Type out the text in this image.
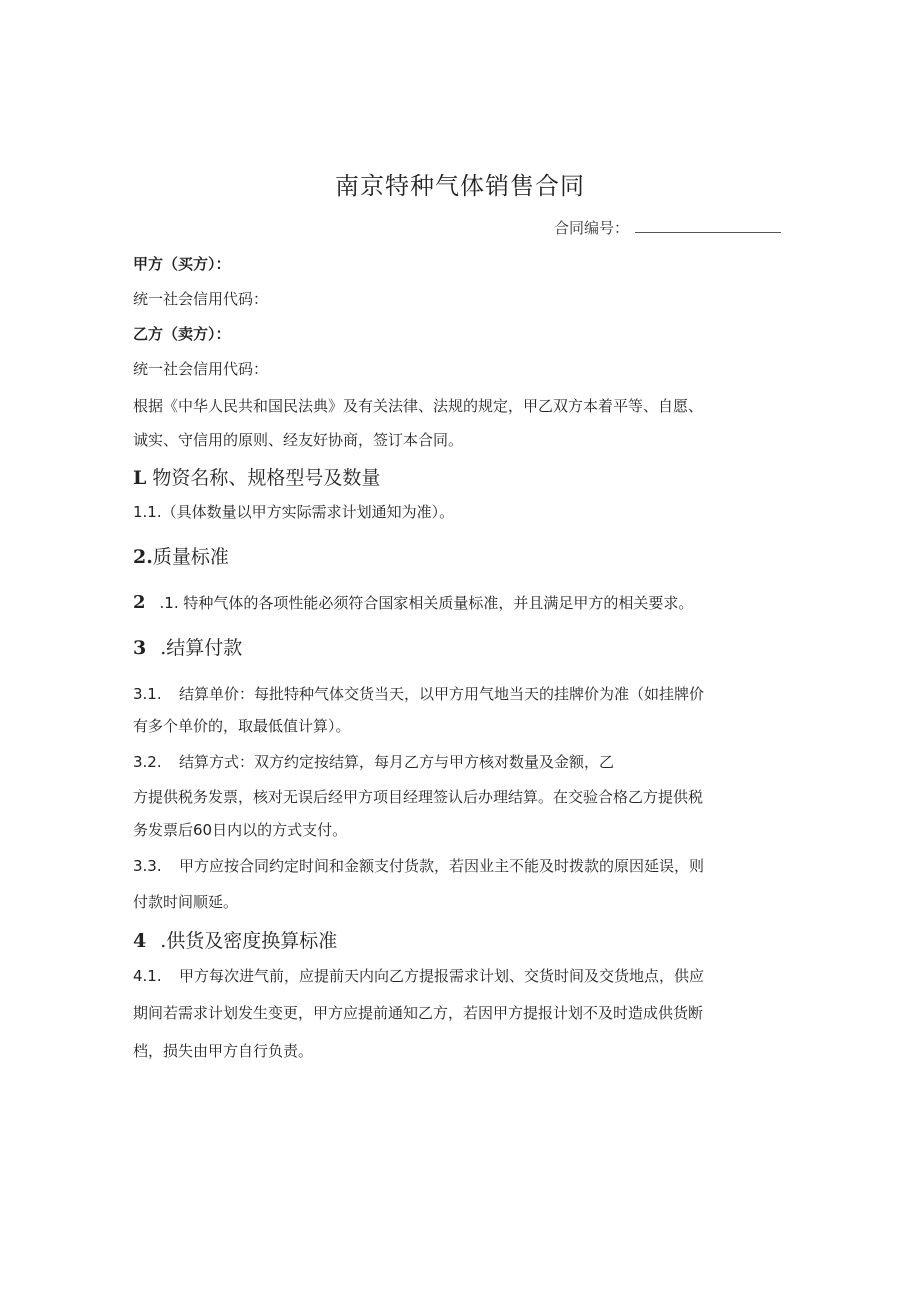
南京特种气体销售合同
合同编号：
甲方（买方）：
统一社会信用代码：
乙方（卖方）：
统一社会信用代码：
根据《中华人民共和国民法典》及有关法律、法规的规定，甲乙双方本着平等、自愿、
诚实、守信用的原则、经友好协商，签订本合同。
L 物资名称、规格型号及数量
1.1.（具体数量以甲方实际需求计划通知为准）。
2.质量标准
2 .1. 特种气体的各项性能必须符合国家相关质量标准，并且满足甲方的相关要求。
3 .结算付款
3.1. 结算单价：每批特种气体交货当天，以甲方用气地当天的挂牌价为准（如挂牌价
有多个单价的，取最低值计算）。
3.2. 结算方式：双方约定按结算，每月乙方与甲方核对数量及金额，乙
方提供税务发票，核对无误后经甲方项目经理签认后办理结算。在交验合格乙方提供税
务发票后60日内以的方式支付。
3.3. 甲方应按合同约定时间和金额支付货款，若因业主不能及时拨款的原因延误，则
付款时间顺延。
4 .供货及密度换算标准
4.1. 甲方每次进气前，应提前天内向乙方提报需求计划、交货时间及交货地点，供应
期间若需求计划发生变更，甲方应提前通知乙方，若因甲方提报计划不及时造成供货断
档，损失由甲方自行负责。
